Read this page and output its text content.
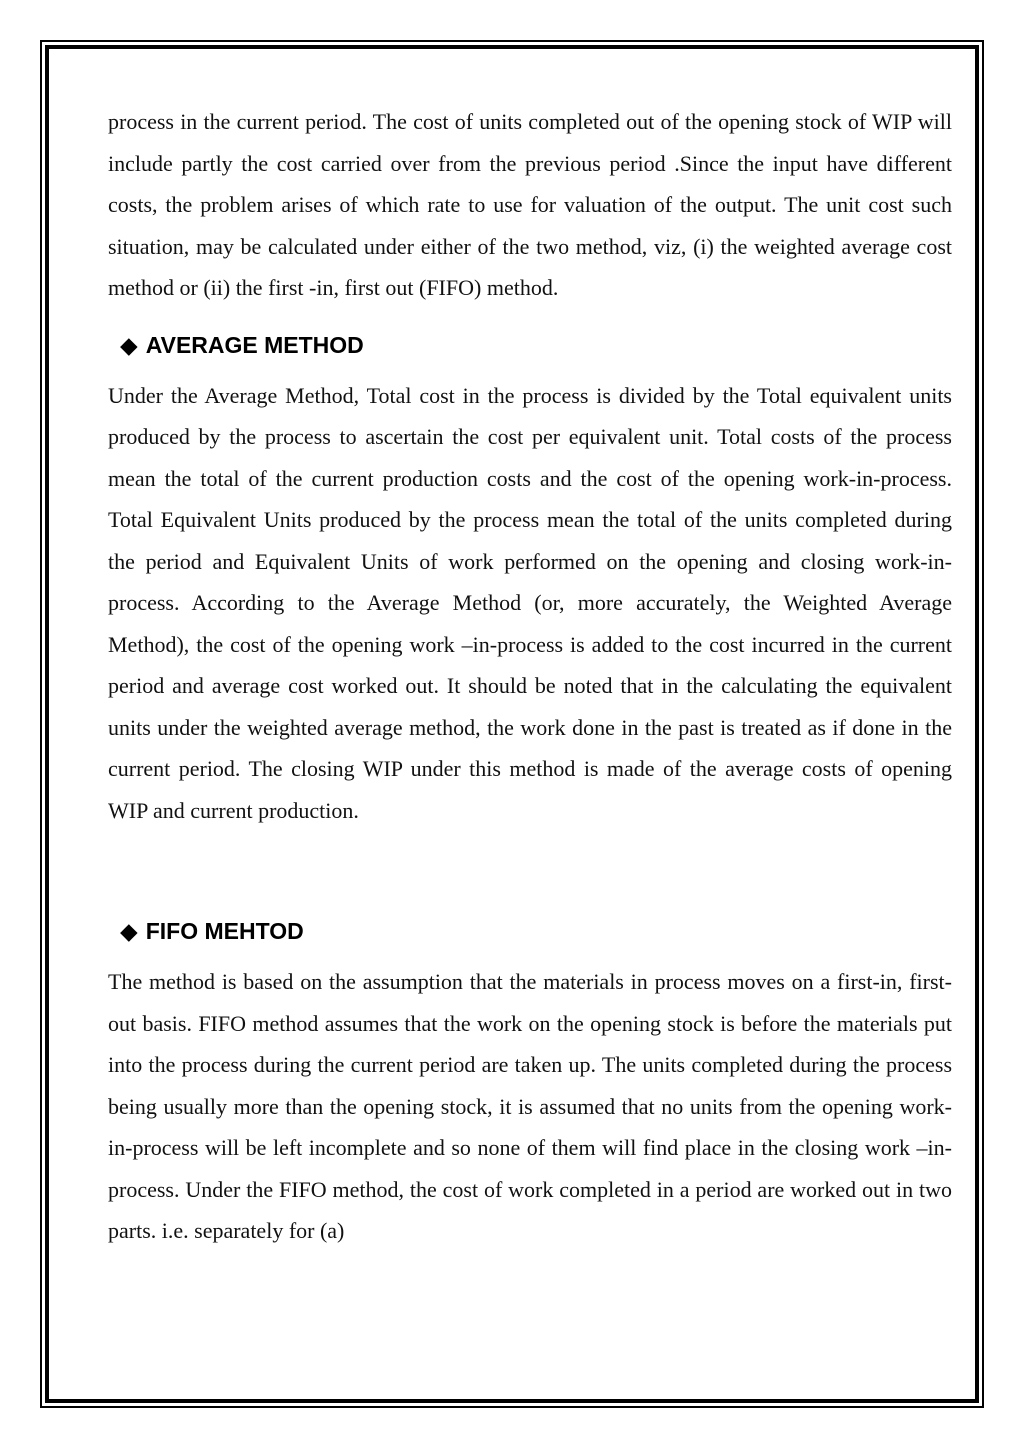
process in the current period. The cost of units completed out of the opening stock of WIP will include partly the cost carried over from the previous period .Since the input have different costs, the problem arises of which rate to use for valuation of the output. The unit cost such situation, may be calculated under either of the two method, viz, (i) the weighted average cost method or (ii) the first -in, first out (FIFO) method.

◆ AVERAGE METHOD

Under the Average Method, Total cost in the process is divided by the Total equivalent units produced by the process to ascertain the cost per equivalent unit. Total costs of the process mean the total of the current production costs and the cost of the opening work-in-process. Total Equivalent Units produced by the process mean the total of the units completed during the period and Equivalent Units of work performed on the opening and closing work-in-process. According to the Average Method (or, more accurately, the Weighted Average Method), the cost of the opening work –in-process is added to the cost incurred in the current period and average cost worked out. It should be noted that in the calculating the equivalent units under the weighted average method, the work done in the past is treated as if done in the current period. The closing WIP under this method is made of the average costs of opening WIP and current production.

◆ FIFO MEHTOD

The method is based on the assumption that the materials in process moves on a first-in, first-out basis. FIFO method assumes that the work on the opening stock is before the materials put into the process during the current period are taken up. The units completed during the process being usually more than the opening stock, it is assumed that no units from the opening work-in-process will be left incomplete and so none of them will find place in the closing work –in-process. Under the FIFO method, the cost of work completed in a period are worked out in two parts. i.e. separately for (a)
